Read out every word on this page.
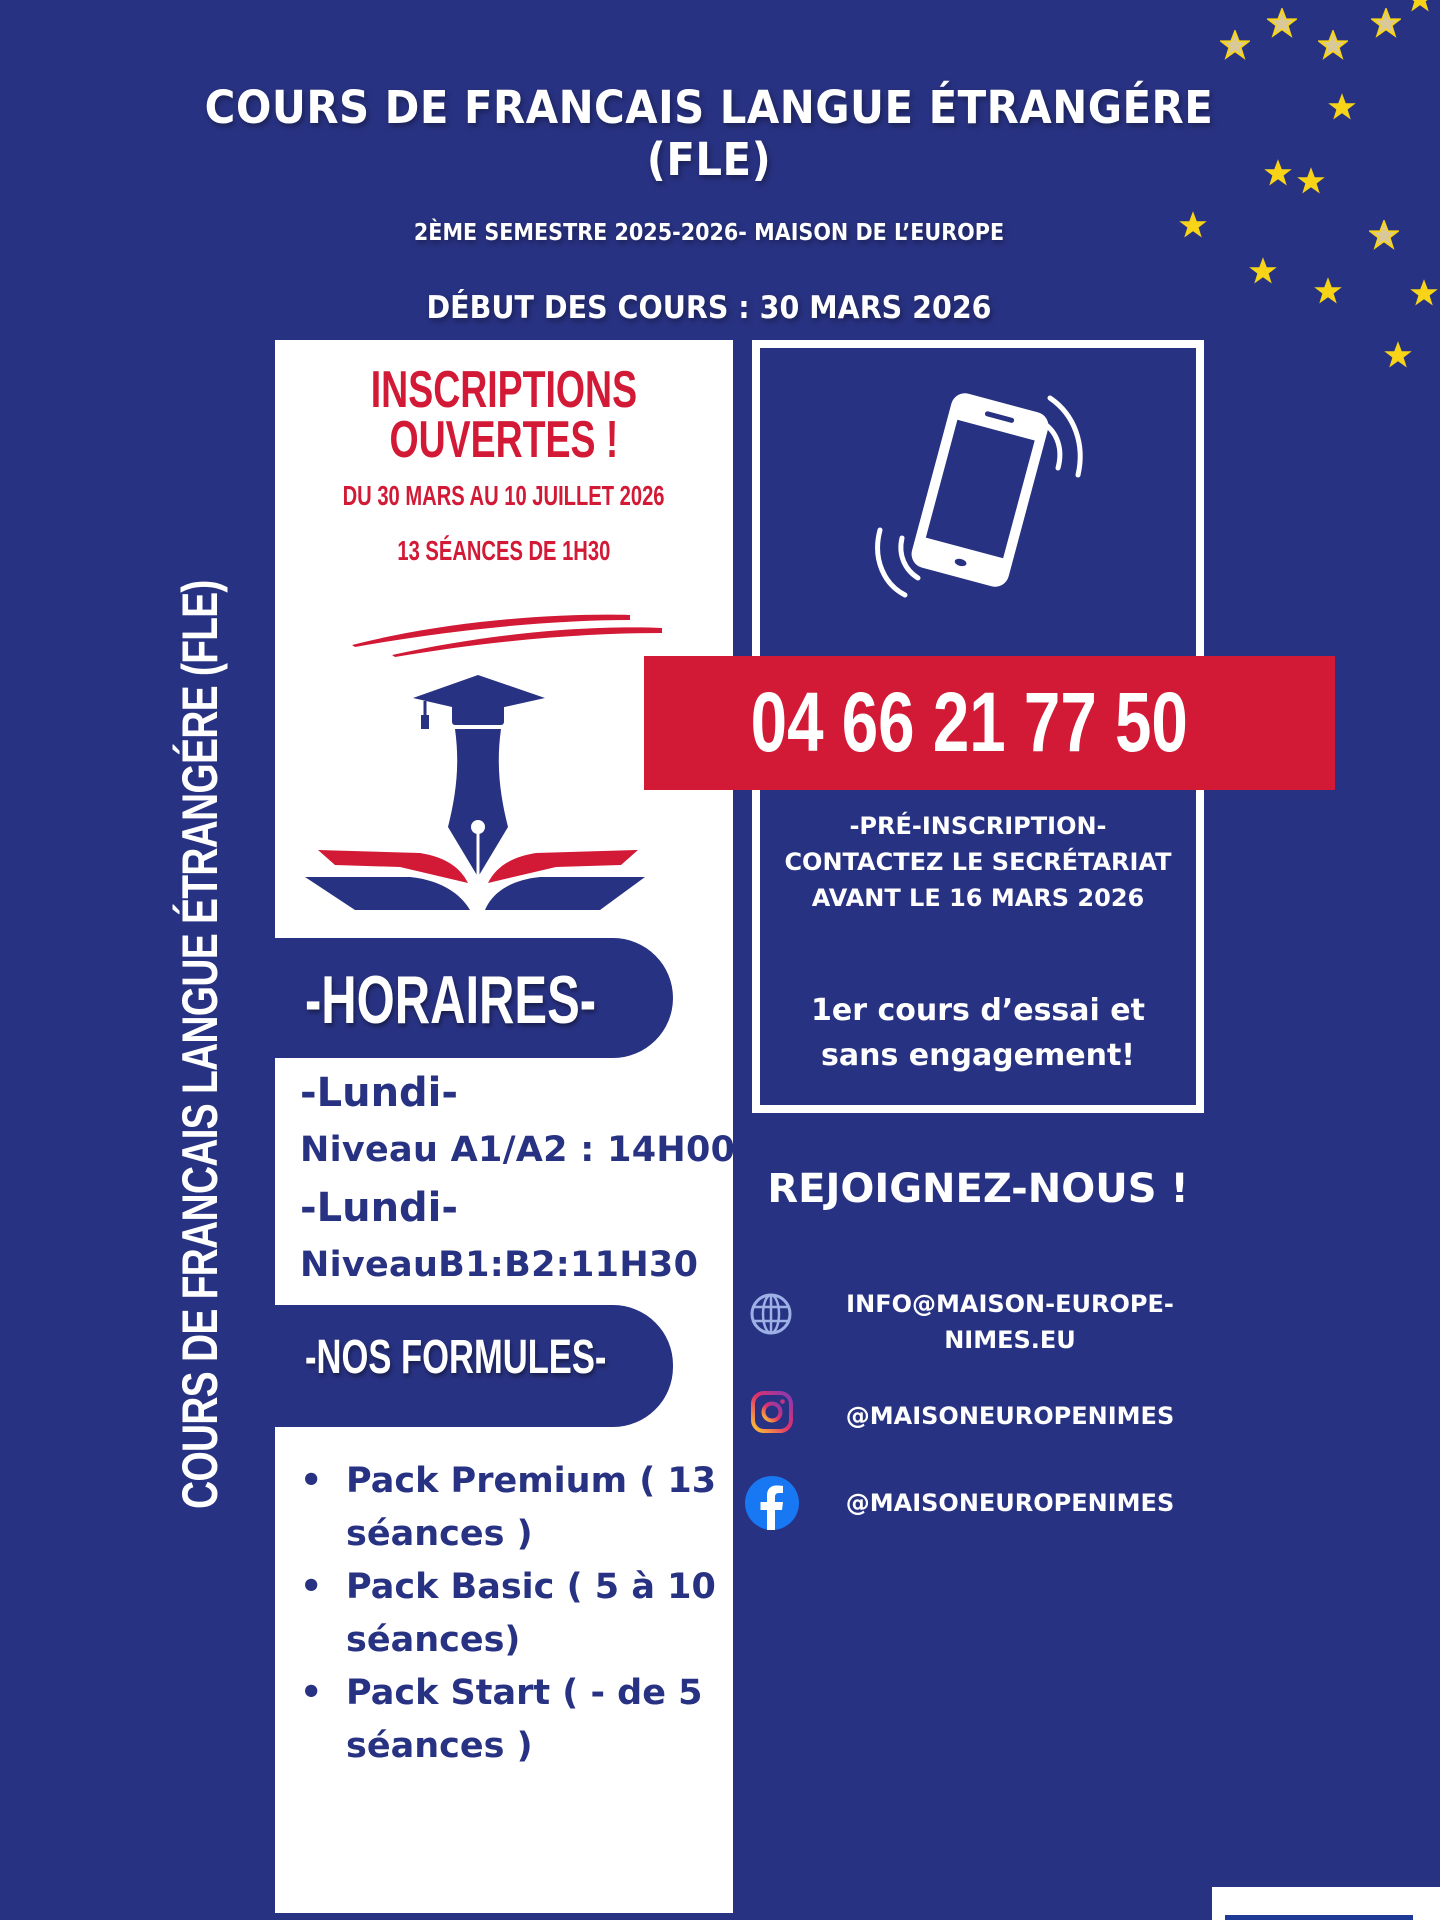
COURS DE FRANCAIS LANGUE ÉTRANGÉRE
(FLE)
2ÈME SEMESTRE 2025-2026- MAISON DE L’EUROPE
DÉBUT DES COURS : 30 MARS 2026
COURS DE FRANCAIS LANGUE ÉTRANGÉRE (FLE)
INSCRIPTIONS
OUVERTES !
DU 30 MARS AU 10 JUILLET 2026
13 SÉANCES DE 1H30
-HORAIRES-
-Lundi-
Niveau A1/A2 : 14H00
-Lundi-
NiveauB1:B2:11H30
-NOS FORMULES-
• Pack Premium ( 13 séances )
• Pack Basic ( 5 à 10 séances)
• Pack Start ( - de 5 séances )
04 66 21 77 50
-PRÉ-INSCRIPTION-
CONTACTEZ LE SECRÉTARIAT
AVANT LE 16 MARS 2026
1er cours d’essai et
sans engagement!
REJOIGNEZ-NOUS !
INFO@MAISON-EUROPE-
NIMES.EU
@MAISONEUROPENIMES
@MAISONEUROPENIMES
